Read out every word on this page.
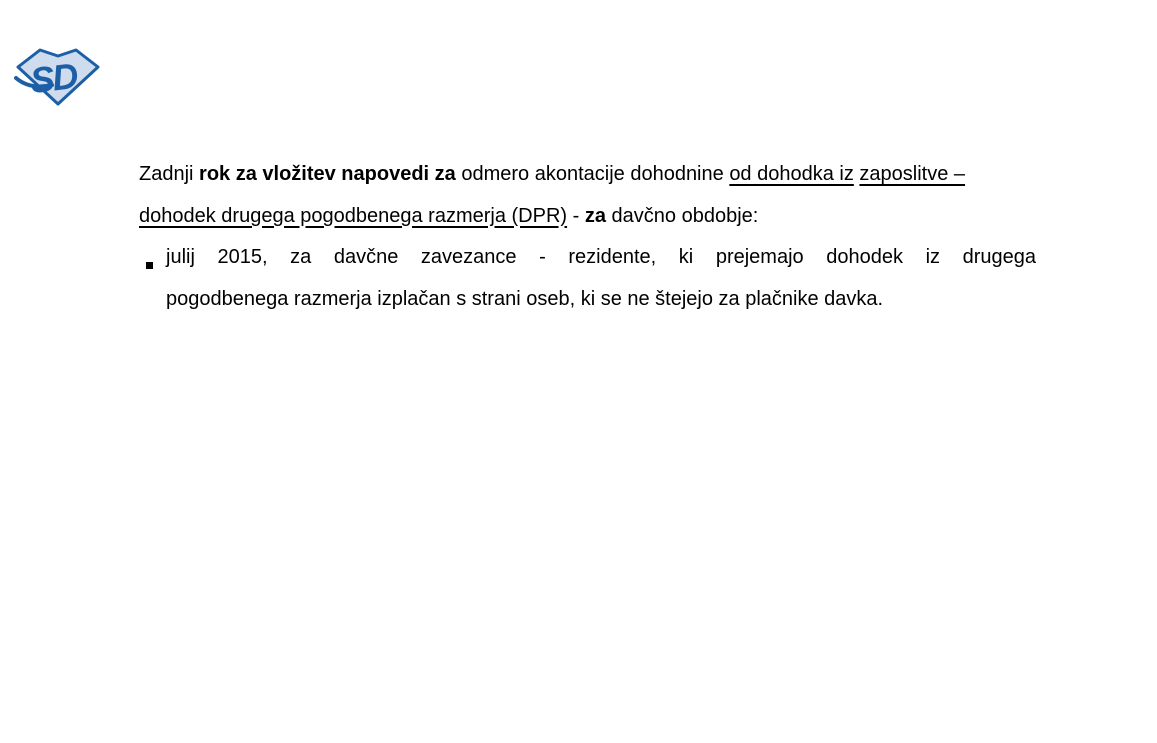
SD

Zadnji rok za vložitev napovedi za odmero akontacije dohodnine od dohodka iz zaposlitve – dohodek drugega pogodbenega razmerja (DPR) - za davčno obdobje:

julij 2015, za davčne zavezance - rezidente, ki prejemajo dohodek iz drugega
pogodbenega razmerja izplačan s strani oseb, ki se ne štejejo za plačnike davka.
